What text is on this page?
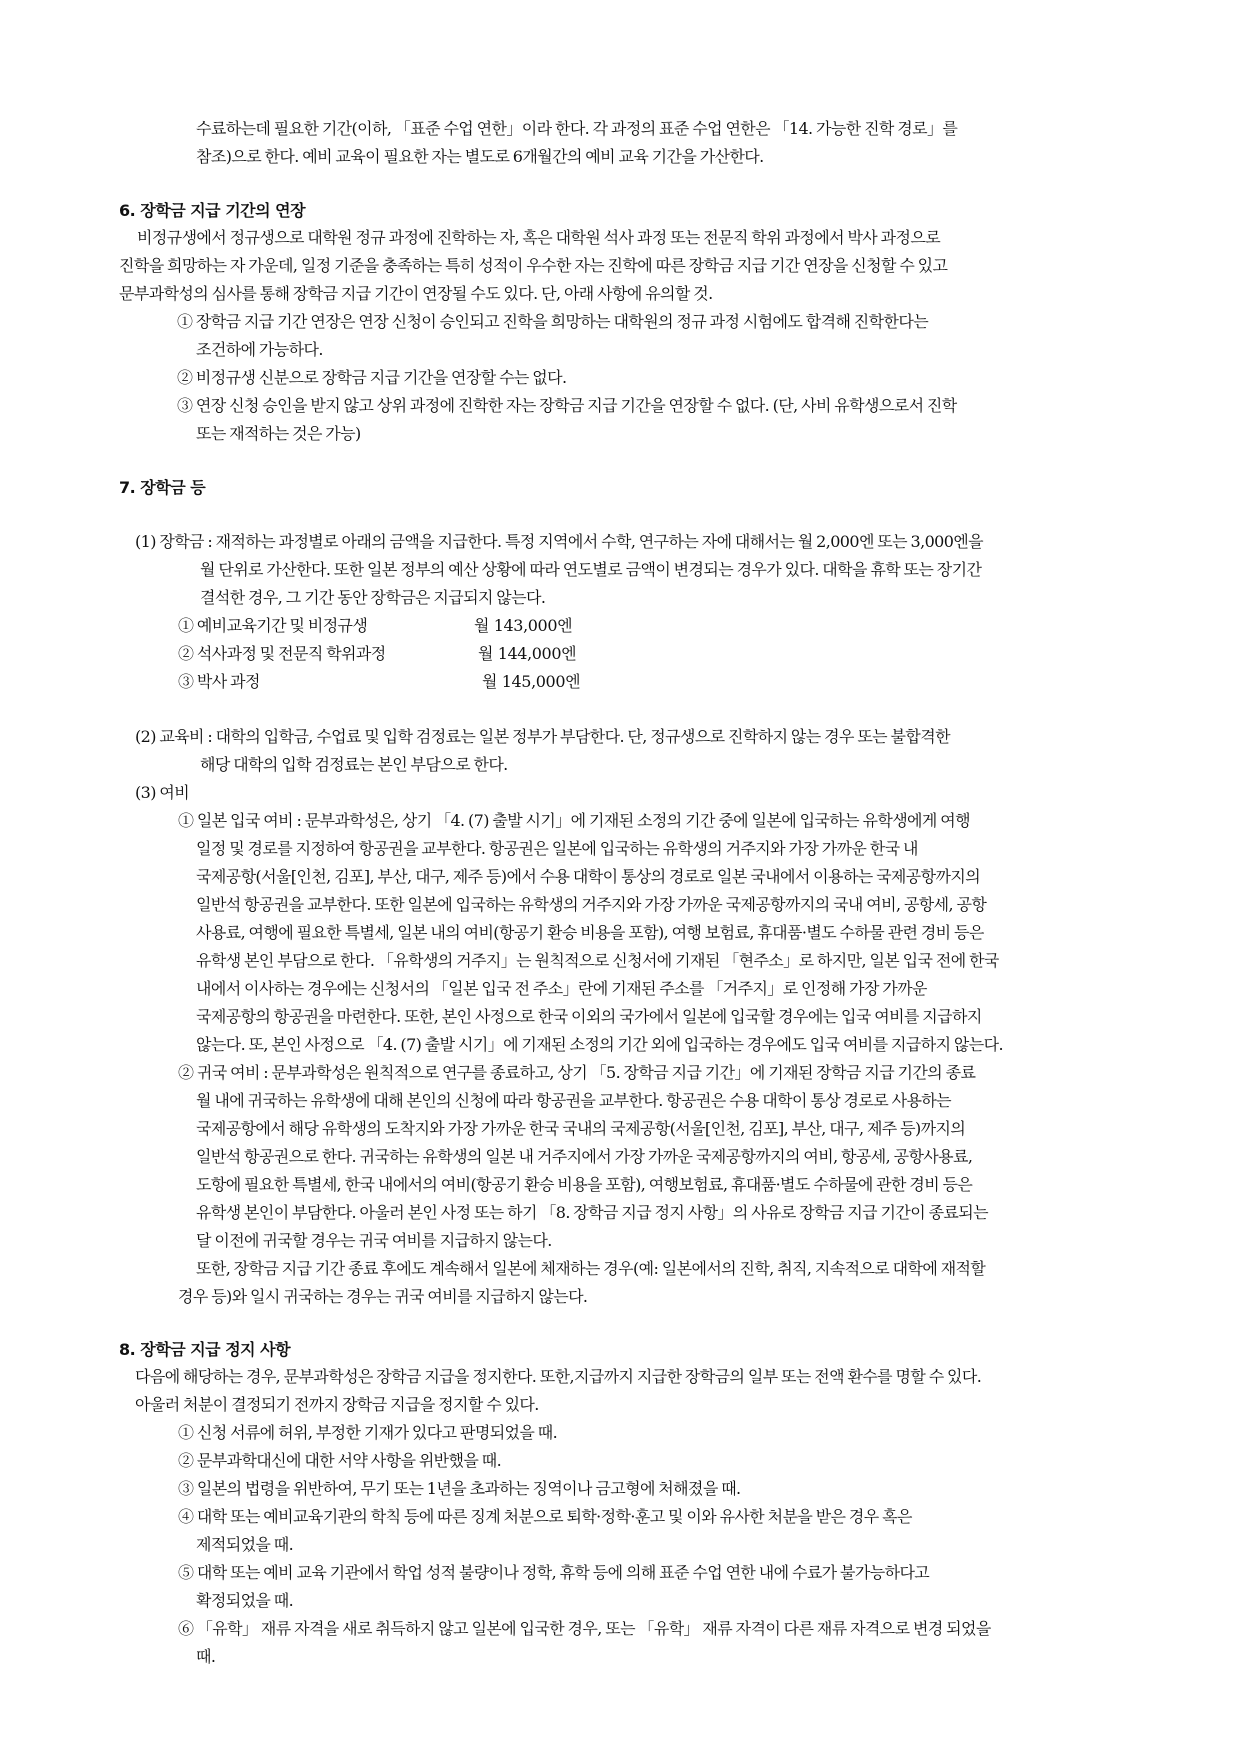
수료하는데 필요한 기간(이하, 「표준 수업 연한」이라 한다. 각 과정의 표준 수업 연한은 「14. 가능한 진학 경로」를
참조)으로 한다. 예비 교육이 필요한 자는 별도로 6개월간의 예비 교육 기간을 가산한다.
6. 장학금 지급 기간의 연장
비정규생에서 정규생으로 대학원 정규 과정에 진학하는 자, 혹은 대학원 석사 과정 또는 전문직 학위 과정에서 박사 과정으로
진학을 희망하는 자 가운데, 일정 기준을 충족하는 특히 성적이 우수한 자는 진학에 따른 장학금 지급 기간 연장을 신청할 수 있고
문부과학성의 심사를 통해 장학금 지급 기간이 연장될 수도 있다. 단, 아래 사항에 유의할 것.
① 장학금 지급 기간 연장은 연장 신청이 승인되고 진학을 희망하는 대학원의 정규 과정 시험에도 합격해 진학한다는
조건하에 가능하다.
② 비정규생 신분으로 장학금 지급 기간을 연장할 수는 없다.
③ 연장 신청 승인을 받지 않고 상위 과정에 진학한 자는 장학금 지급 기간을 연장할 수 없다. (단, 사비 유학생으로서 진학
또는 재적하는 것은 가능)
7. 장학금 등
(1) 장학금 : 재적하는 과정별로 아래의 금액을 지급한다. 특정 지역에서 수학, 연구하는 자에 대해서는 월 2,000엔 또는 3,000엔을
월 단위로 가산한다. 또한 일본 정부의 예산 상황에 따라 연도별로 금액이 변경되는 경우가 있다. 대학을 휴학 또는 장기간
결석한 경우, 그 기간 동안 장학금은 지급되지 않는다.
① 예비교육기간 및 비정규생	월 143,000엔
② 석사과정 및 전문직 학위과정	월 144,000엔
③ 박사 과정	월 145,000엔
(2) 교육비 : 대학의 입학금, 수업료 및 입학 검정료는 일본 정부가 부담한다. 단, 정규생으로 진학하지 않는 경우 또는 불합격한
해당 대학의 입학 검정료는 본인 부담으로 한다.
(3) 여비
① 일본 입국 여비 : 문부과학성은, 상기 「4. (7) 출발 시기」에 기재된 소정의 기간 중에 일본에 입국하는 유학생에게 여행
일정 및 경로를 지정하여 항공권을 교부한다. 항공권은 일본에 입국하는 유학생의 거주지와 가장 가까운 한국 내
국제공항(서울[인천, 김포], 부산, 대구, 제주 등)에서 수용 대학이 통상의 경로로 일본 국내에서 이용하는 국제공항까지의
일반석 항공권을 교부한다. 또한 일본에 입국하는 유학생의 거주지와 가장 가까운 국제공항까지의 국내 여비, 공항세, 공항
사용료, 여행에 필요한 특별세, 일본 내의 여비(항공기 환승 비용을 포함), 여행 보험료, 휴대품·별도 수하물 관련 경비 등은
유학생 본인 부담으로 한다. 「유학생의 거주지」는 원칙적으로 신청서에 기재된 「현주소」로 하지만, 일본 입국 전에 한국
내에서 이사하는 경우에는 신청서의 「일본 입국 전 주소」란에 기재된 주소를 「거주지」로 인정해 가장 가까운
국제공항의 항공권을 마련한다. 또한, 본인 사정으로 한국 이외의 국가에서 일본에 입국할 경우에는 입국 여비를 지급하지
않는다. 또, 본인 사정으로 「4. (7) 출발 시기」에 기재된 소정의 기간 외에 입국하는 경우에도 입국 여비를 지급하지 않는다.
② 귀국 여비 : 문부과학성은 원칙적으로 연구를 종료하고, 상기 「5. 장학금 지급 기간」에 기재된 장학금 지급 기간의 종료
월 내에 귀국하는 유학생에 대해 본인의 신청에 따라 항공권을 교부한다. 항공권은 수용 대학이 통상 경로로 사용하는
국제공항에서 해당 유학생의 도착지와 가장 가까운 한국 국내의 국제공항(서울[인천, 김포], 부산, 대구, 제주 등)까지의
일반석 항공권으로 한다. 귀국하는 유학생의 일본 내 거주지에서 가장 가까운 국제공항까지의 여비, 항공세, 공항사용료,
도항에 필요한 특별세, 한국 내에서의 여비(항공기 환승 비용을 포함), 여행보험료, 휴대품·별도 수하물에 관한 경비 등은
유학생 본인이 부담한다. 아울러 본인 사정 또는 하기 「8. 장학금 지급 정지 사항」의 사유로 장학금 지급 기간이 종료되는
달 이전에 귀국할 경우는 귀국 여비를 지급하지 않는다.
또한, 장학금 지급 기간 종료 후에도 계속해서 일본에 체재하는 경우(예: 일본에서의 진학, 취직, 지속적으로 대학에 재적할
경우 등)와 일시 귀국하는 경우는 귀국 여비를 지급하지 않는다.
8. 장학금 지급 정지 사항
다음에 해당하는 경우, 문부과학성은 장학금 지급을 정지한다. 또한,지급까지 지급한 장학금의 일부 또는 전액 환수를 명할 수 있다.
아울러 처분이 결정되기 전까지 장학금 지급을 정지할 수 있다.
① 신청 서류에 허위, 부정한 기재가 있다고 판명되었을 때.
② 문부과학대신에 대한 서약 사항을 위반했을 때.
③ 일본의 법령을 위반하여, 무기 또는 1년을 초과하는 징역이나 금고형에 처해졌을 때.
④ 대학 또는 예비교육기관의 학칙 등에 따른 징계 처분으로 퇴학·정학·훈고 및 이와 유사한 처분을 받은 경우 혹은
제적되었을 때.
⑤ 대학 또는 예비 교육 기관에서 학업 성적 불량이나 정학, 휴학 등에 의해 표준 수업 연한 내에 수료가 불가능하다고
확정되었을 때.
⑥ 「유학」 재류 자격을 새로 취득하지 않고 일본에 입국한 경우, 또는 「유학」 재류 자격이 다른 재류 자격으로 변경 되었을
때.
